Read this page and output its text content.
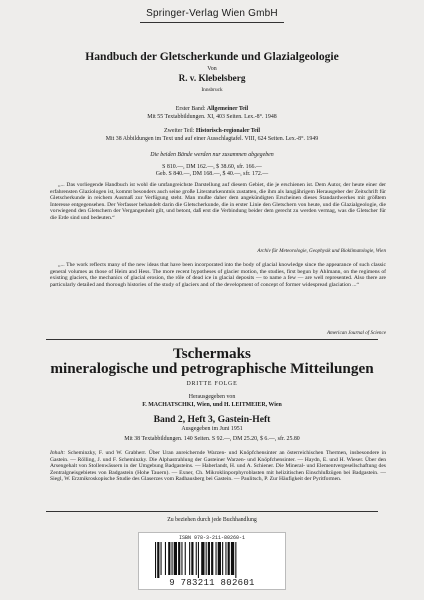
Springer-Verlag Wien GmbH
Handbuch der Gletscherkunde und Glazialgeologie
Von
R. v. Klebelsberg
Innsbruck
Erster Band: Allgemeiner Teil
Mit 55 Textabbildungen. XI, 403 Seiten. Lex.-8°. 1948
Zweiter Teil: Historisch-regionaler Teil
Mit 38 Abbildungen im Text und auf einer Ausschlagtafel. VIII, 624 Seiten. Lex.-8°. 1949
Die beiden Bände werden nur zusammen abgegeben
S 810.—, DM 162.—, $ 38.60, sfr. 166.—
Geb. S 840.—, DM 168.—, $ 40.—, sfr. 172.—

„... Das vorliegende Handbuch ist wohl die umfangreichste Darstellung auf diesem Gebiet, die je erschienen ist. Dem Autor, der heute einer der erfahrensten Glaziologen ist, kommt besonders auch seine große Literaturkenntnis zustatten, die ihm als langjährigem Herausgeber der Zeitschrift für Gletscherkunde in reichem Ausmaß zur Verfügung steht. Man mußte daher dem angekündigten Erscheinen dieses Standardwerkes mit größtem Interesse entgegensehen. Der Verfasser behandelt darin die Gletscherkunde, die in erster Linie den Gletschern von heute, und die Glazialgeologie, die vorwiegend den Gletschern der Vergangenheit gilt, und betont, daß erst die Verbindung beider dem gerecht zu werden vermag, was die Gletscher für die Erde sind und bedeuten.“

Archiv für Meteorologie, Geophysik und Bioklimatologie, Wien

„... The work reflects many of the new ideas that have been incorporated into the body of glacial knowledge since the appearance of such classic general volumes as those of Heim and Hess. The more recent hypotheses of glacier motion, the studies, first begun by Ahlmann, on the regimens of existing glaciers, the mechanics of glacial erosion, the rôle of dead ice in glacial deposits — to name a few — are well represented. Also there are particularly detailed and thorough histories of the study of glaciers and of the development of concept of former widespread glaciation ...“

American Journal of Science
Tschermaks
mineralogische und petrographische Mitteilungen
DRITTE FOLGE
Herausgegeben von
F. MACHATSCHKI, Wien, und H. LEITMEIER, Wien
Band 2, Heft 3, Gastein-Heft
Ausgegeben im Juni 1951
Mit 38 Textabbildungen. 140 Seiten. S 92.—, DM 25.20, $ 6.—, sfr. 25.80
Inhalt: Scheminzky, F. und W. Grabherr. Über Uran anreichernde Warzen- und Knöpfchensinter an österreichischen Thermen, insbesondere in Gastein. — Rölling, J. und F. Scheminzky. Die Alphastrahlung der Gasteiner Warzen- und Knöpfchensinter. — Haydn, E. und H. Wieser. Über den Arsengehalt von Stollenwässern in der Umgebung Badgasteins. — Haberlandt, H. und A. Schiener. Die Mineral- und Elementvergesellschaftung des Zentralgneisgebietes von Badgastein (Hohe Tauern). — Exner, Ch. Mikroklinporphyroblasten mit helizitischen Einschlußzügen bei Badgastein. — Siegl, W. Erzmikroskopische Studie des Glaserzes vom Radhausberg bei Gastein. — Paulitsch, P. Zur Häufigkeit der Pyritformen.
Zu beziehen durch jede Buchhandlung
ISBN 978-3-211-80260-1
9 783211 802601
